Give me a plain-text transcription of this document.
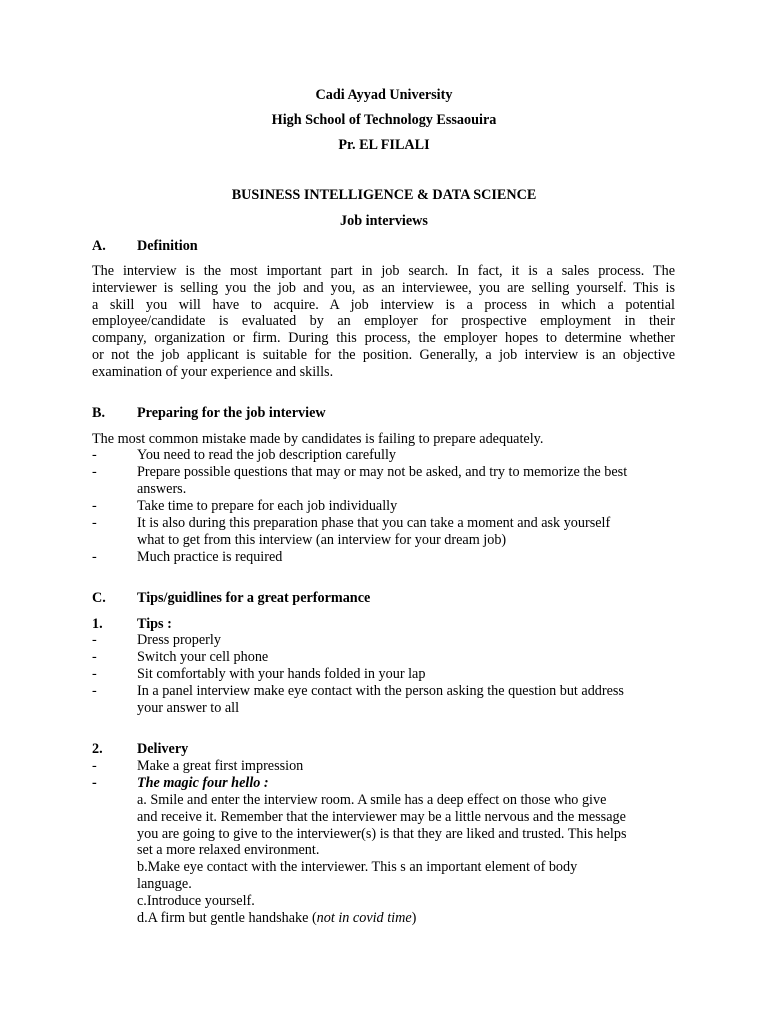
Cadi Ayyad University
High School of Technology Essaouira
Pr. EL FILALI
BUSINESS INTELLIGENCE & DATA SCIENCE
Job interviews
A. Definition
The interview is the most important part in job search. In fact, it is a sales process. The
interviewer is selling you the job and you, as an interviewee, you are selling yourself. This is
a skill you will have to acquire. A job interview is a process in which a potential
employee/candidate is evaluated by an employer for prospective employment in their
company, organization or firm. During this process, the employer hopes to determine whether
or not the job applicant is suitable for the position. Generally, a job interview is an objective
examination of your experience and skills.
B. Preparing for the job interview
The most common mistake made by candidates is failing to prepare adequately.
-	You need to read the job description carefully
-	Prepare possible questions that may or may not be asked, and try to memorize the best
answers.
-	Take time to prepare for each job individually
-	It is also during this preparation phase that you can take a moment and ask yourself
what to get from this interview (an interview for your dream job)
-	Much practice is required
C. Tips/guidlines for a great performance
1. Tips :
-	Dress properly
-	Switch your cell phone
-	Sit comfortably with your hands folded in your lap
-	In a panel interview make eye contact with the person asking the question but address
your answer to all
2. Delivery
-	Make a great first impression
-	The magic four hello :
a. Smile and enter the interview room. A smile has a deep effect on those who give
and receive it. Remember that the interviewer may be a little nervous and the message
you are going to give to the interviewer(s) is that they are liked and trusted. This helps
set a more relaxed environment.
b.Make eye contact with the interviewer. This s an important element of body
language.
c.Introduce yourself.
d.A firm but gentle handshake (not in covid time)
